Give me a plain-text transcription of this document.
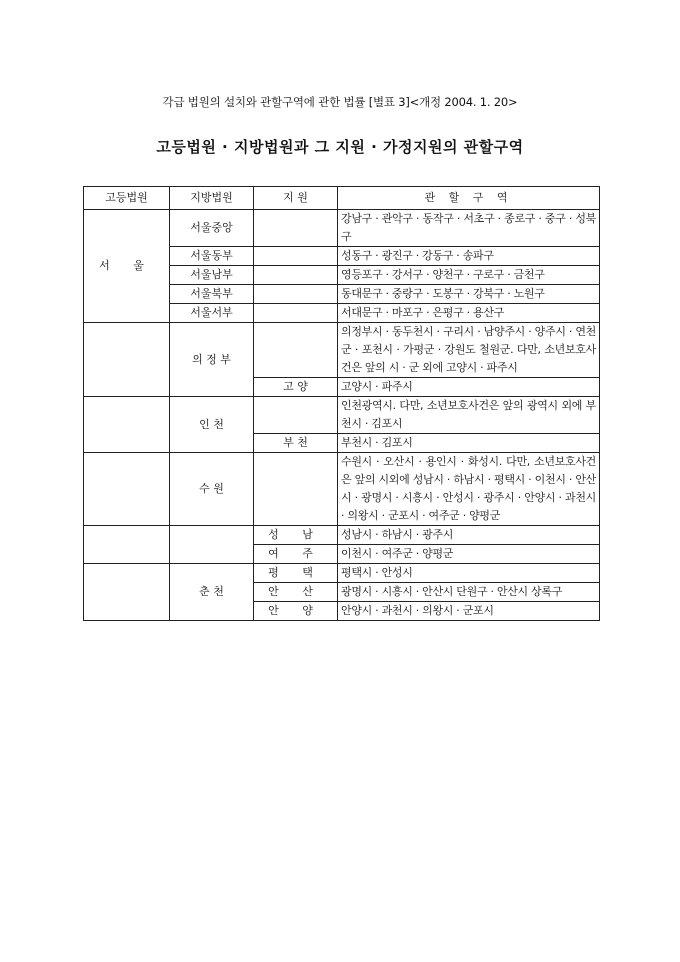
각급 법원의 설치와 관할구역에 관한 법률 [별표 3]<개정 2004. 1. 20>
고등법원 · 지방법원과 그 지원 · 가정지원의 관할구역
고등법원	지방법원	지 원	관 할 구 역
서 울	서울중앙		강남구 · 관악구 · 동작구 · 서초구 · 종로구 · 중구 · 성북구
	서울동부		성동구 · 광진구 · 강동구 · 송파구
	서울남부		영등포구 · 강서구 · 양천구 · 구로구 · 금천구
	서울북부		동대문구 · 중랑구 · 도봉구 · 강북구 · 노원구
	서울서부		서대문구 · 마포구 · 은평구 · 용산구
	의 정 부		의정부시 · 동두천시 · 구리시 · 남양주시 · 양주시 · 연천군 · 포천시 · 가평군 · 강원도 철원군. 다만, 소년보호사건은 앞의 시 · 군 외에 고양시 · 파주시
		고 양	고양시 · 파주시
	인 천		인천광역시. 다만, 소년보호사건은 앞의 광역시 외에 부천시 · 김포시
		부 천	부천시 · 김포시
	수 원		수원시 · 오산시 · 용인시 · 화성시. 다만, 소년보호사건은 앞의 시외에 성남시 · 하남시 · 평택시 · 이천시 · 안산시 · 광명시 · 시흥시 · 안성시 · 광주시 · 안양시 · 과천시 · 의왕시 · 군포시 · 여주군 · 양평군
		성 남	성남시 · 하남시 · 광주시
		여 주	이천시 · 여주군 · 양평군
	춘 천	평 택	평택시 · 안성시
		안 산	광명시 · 시흥시 · 안산시 단원구 · 안산시 상록구
		안 양	안양시 · 과천시 · 의왕시 · 군포시
